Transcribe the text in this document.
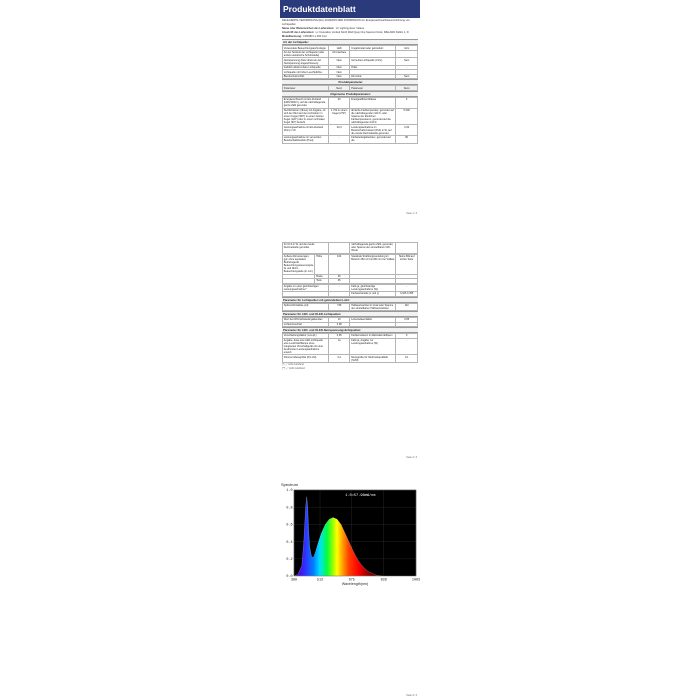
Produktdatenblatt
DELEGIERTE VERORDNUNG (EU) 2019/2015 DER KOMMISSION zur Energieverbrauchskennzeichnung von Lichtquellen
Name oder Warenzeichen des Lieferanten: LC Lighting Evev / Elane
Anschrift des Lieferanten: Lc Innovation Limited North Wall Quay One Spencer Dock, IRELAND Dublin 1, D
Modellkennung: FR0480 LL 450 CL2
Art der Lichtquelle:
Verwendete Beleuchtungstechnologie:	LED	Ungebündelt oder gebündelt:	GUL
Art der Sockels der Lichtquelle (oder andere elektrische Schnittstelle)	AC-interface		
Netzspannung (Netz direkt an der Netzspannung angeschlossen):	Nein	Vernetzte Lichtquelle (CLS):	Nein
Farblich abstimmbare Lichtquelle:	Nein	Hülle:	-
Lichtquelle mit hoher Leuchtdichte:	Nein		
Blendschutzschild:	Nein	Dimmbar:	Nein
Produktparameter
Parameter	Nenn	Parameter	Nenn
Allgemeine Produktparameter:
Energieverbrauch im Ein-Zustand (kWh/1000 h), auf die nächstliegende ganze Zahl gerundet	20	Energieeffizienzklasse	F
Nutzlichtstrom (Φuse) mit Angabe, ob sich der Wert auf den Lichtstrom in einem Kegel (360°) in einem breiten Kegel (120°) oder in einem schmalen Kegel (90°) bezieht	1 700 in einem Kegel (270°)	ähnliche Farbtemperatur, gerundet auf die nächstliegenden 100 K, oder Spanne der ähnlichen Farbtemperaturen, gerundet auf die nächstliegenden 100 K	5 000
Leistungsaufnahme im Ein-Zustand (Pon) in W	20,0	Leistungsaufnahme im Bereitschaftszustand (Psb) in W, auf die zweite Dezimalstelle gerundet	0,00
Leistungsaufnahme im vernetzten Bereitschaftsbetrieb (Pnet)	-	Farbwiedergabeindex, gerundet auf die	80
Seite 1 / 3
für CLS in W, auf die zweite Dezimalstelle gerundet		nächstliegende ganze Zahl, gerundet, oder Spanne der einstellbaren CRI-Werte	
Äußere Abmessungen, ggf. ohne separates Betriebsgerät, Beleuchtungssteuerungsteile und Nicht-Beleuchtungsteile (in mm)	Höhe	104	Spektrale Strahlungsverteilung im Bereich 250 nm bis 800 nm bei Volllast	Siehe Bild auf letzter Seite
	Breite	36		
	Tiefe	36		
Angabe zu einer gleichwertigen Leistungsaufnahme*	-	Falls ja, gleichwertige Leistungsaufnahme (W)	-
		Farbwertanteile (x und y)	0,345 0,355
Parameter für Lichtquellen mit gebündeltem Licht:
Spitzenlichtstärke (cd)	739	Halbwertswinkel in Grad oder Spanne der einstellbaren Halbwertswinkel	110
Parameter für LED- und OLED-Lichtquellen:
Wert des R9-Farbwiedergabeindex	10	Lebensdauerfaktor	0,85
Lichtstromerhalt	0,98		
Parameter für LED- und OLED-Netzspannungslichtquellen:
Verschiebungsfaktor (cos φ1)	0,95	Farbkonsistenz in MacAdam-Ellipsen	6
Angabe, dass eine LED-Lichtquelle eine Leuchtstofflampe ohne integriertes Vorschaltgerät mit einer bestimmten Leistungsaufnahme ersetzt.	Ja	Falls ja, Angabe zur Leistungsaufnahme (W)	-
Flimmer-Messgröße (Pst LM)	0,2	Messgröße für Stroboskop-Effekt (SVM)	0,1
(*) „-" nicht zutreffend
(**) „-" nicht zutreffend
Seite 2 / 3
Spectrum
0.2
0.4
0.6
0.8
1.0
0.0
380	513	675	838	1003
Wavelength(nm)
1.0=57.96mW/nm
Seite 3 / 3
